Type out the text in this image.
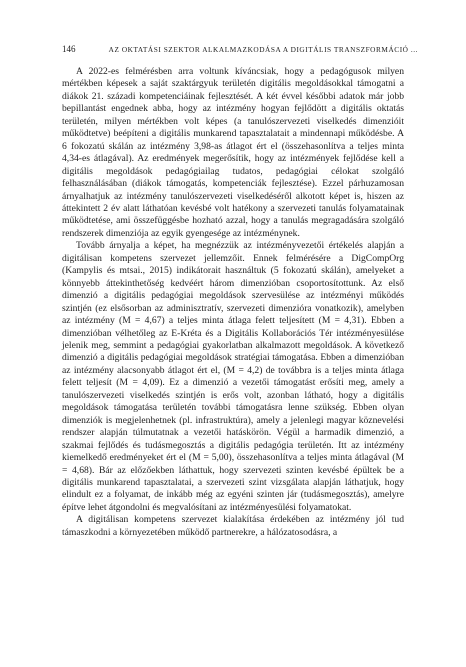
146	AZ OKTATÁSI SZEKTOR ALKALMAZKODÁSA A DIGITÁLIS TRANSZFORMÁCIÓ ...

A 2022-es felmérésben arra voltunk kíváncsiak, hogy a pedagógusok milyen mértékben képesek a saját szaktárgyuk területén digitális megoldásokkal támogatni a diákok 21. századi kompetenciáinak fejlesztését. A két évvel későbbi adatok már jobb bepillantást engednek abba, hogy az intézmény hogyan fejlődött a digitális oktatás területén, milyen mértékben volt képes (a tanulószervezeti viselkedés dimenzióit működtetve) beépíteni a digitális munkarend tapasztalatait a mindennapi működésbe. A 6 fokozatú skálán az intézmény 3,98-as átlagot ért el (összehasonlítva a teljes minta 4,34-es átlagával). Az eredmények megerősítik, hogy az intézmények fejlődése kell a digitális megoldások pedagógiailag tudatos, pedagógiai célokat szolgáló felhasználásában (diákok támogatás, kompetenciák fejlesztése). Ezzel párhuzamosan árnyalhatjuk az intézmény tanulószervezeti viselkedéséről alkotott képet is, hiszen az áttekintett 2 év alatt láthatóan kevésbé volt hatékony a szervezeti tanulás folyamatainak működtetése, ami összefüggésbe hozható azzal, hogy a tanulás megragadására szolgáló rendszerek dimenziója az egyik gyengesége az intézménynek.

Tovább árnyalja a képet, ha megnézzük az intézményvezetői értékelés alapján a digitálisan kompetens szervezet jellemzőit. Ennek felmérésére a DigCompOrg (Kampylis és mtsai., 2015) indikátorait használtuk (5 fokozatú skálán), amelyeket a könnyebb áttekinthetőség kedvéért három dimenzióban csoportosítottunk. Az első dimenzió a digitális pedagógiai megoldások szervesülése az intézményi működés szintjén (ez elsősorban az adminisztratív, szervezeti dimenzióra vonatkozik), amelyben az intézmény (M = 4,67) a teljes minta átlaga felett teljesített (M = 4,31). Ebben a dimenzióban vélhetőleg az E-Kréta és a Digitális Kollaborációs Tér intézményesülése jelenik meg, semmint a pedagógiai gyakorlatban alkalmazott megoldások. A következő dimenzió a digitális pedagógiai megoldások stratégiai támogatása. Ebben a dimenzióban az intézmény alacsonyabb átlagot ért el, (M = 4,2) de továbbra is a teljes minta átlaga felett teljesít (M = 4,09). Ez a dimenzió a vezetői támogatást erősíti meg, amely a tanulószervezeti viselkedés szintjén is erős volt, azonban látható, hogy a digitális megoldások támogatása területén további támogatásra lenne szükség. Ebben olyan dimenziók is megjelenhetnek (pl. infrastruktúra), amely a jelenlegi magyar köznevelési rendszer alapján túlmutatnak a vezetői hatáskörön. Végül a harmadik dimenzió, a szakmai fejlődés és tudásmegosztás a digitális pedagógia területén. Itt az intézmény kiemelkedő eredményeket ért el (M = 5,00), összehasonlítva a teljes minta átlagával (M = 4,68). Bár az előzőekben láthattuk, hogy szervezeti szinten kevésbé épültek be a digitális munkarend tapasztalatai, a szervezeti szint vizsgálata alapján láthatjuk, hogy elindult ez a folyamat, de inkább még az egyéni szinten jár (tudásmegosztás), amelyre építve lehet átgondolni és megvalósítani az intézményesülési folyamatokat.

A digitálisan kompetens szervezet kialakítása érdekében az intézmény jól tud támaszkodni a környezetében működő partnerekre, a hálózatosodásra, a
